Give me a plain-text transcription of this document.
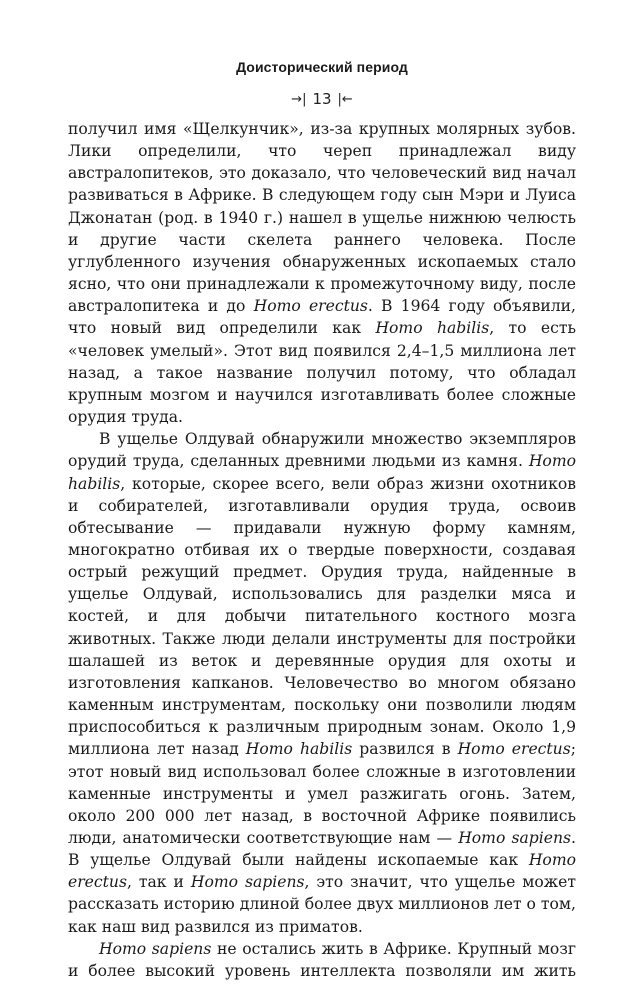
Доисторический период
→| 13 |←

получил имя «Щелкунчик», из-за крупных молярных зубов. Лики определили, что череп принадлежал виду австралопитеков, это доказало, что человеческий вид начал развиваться в Африке. В следующем году сын Мэри и Луиса Джонатан (род. в 1940 г.) нашел в ущелье нижнюю челюсть и другие части скелета раннего человека. После углубленного изучения обнаруженных ископаемых стало ясно, что они принадлежали к промежуточному виду, после австралопитека и до Homo erectus. В 1964 году объявили, что новый вид определили как Homo habilis, то есть «человек умелый». Этот вид появился 2,4–1,5 миллиона лет назад, а такое название получил потому, что обладал крупным мозгом и научился изготавливать более сложные орудия труда.

В ущелье Олдувай обнаружили множество экземпляров орудий труда, сделанных древними людьми из камня. Homo habilis, которые, скорее всего, вели образ жизни охотников и собирателей, изготавливали орудия труда, освоив обтесывание — придавали нужную форму камням, многократно отбивая их о твердые поверхности, создавая острый режущий предмет. Орудия труда, найденные в ущелье Олдувай, использовались для разделки мяса и костей, и для добычи питательного костного мозга животных. Также люди делали инструменты для постройки шалашей из веток и деревянные орудия для охоты и изготовления капканов. Человечество во многом обязано каменным инструментам, поскольку они позволили людям приспособиться к различным природным зонам. Около 1,9 миллиона лет назад Homo habilis развился в Homo erectus; этот новый вид использовал более сложные в изготовлении каменные инструменты и умел разжигать огонь. Затем, около 200 000 лет назад, в восточной Африке появились люди, анатомически соответствующие нам — Homo sapiens. В ущелье Олдувай были найдены ископаемые как Homo erectus, так и Homo sapiens, это значит, что ущелье может рассказать историю длиной более двух миллионов лет о том, как наш вид развился из приматов.

Homo sapiens не остались жить в Африке. Крупный мозг и более высокий уровень интеллекта позволяли им жить
